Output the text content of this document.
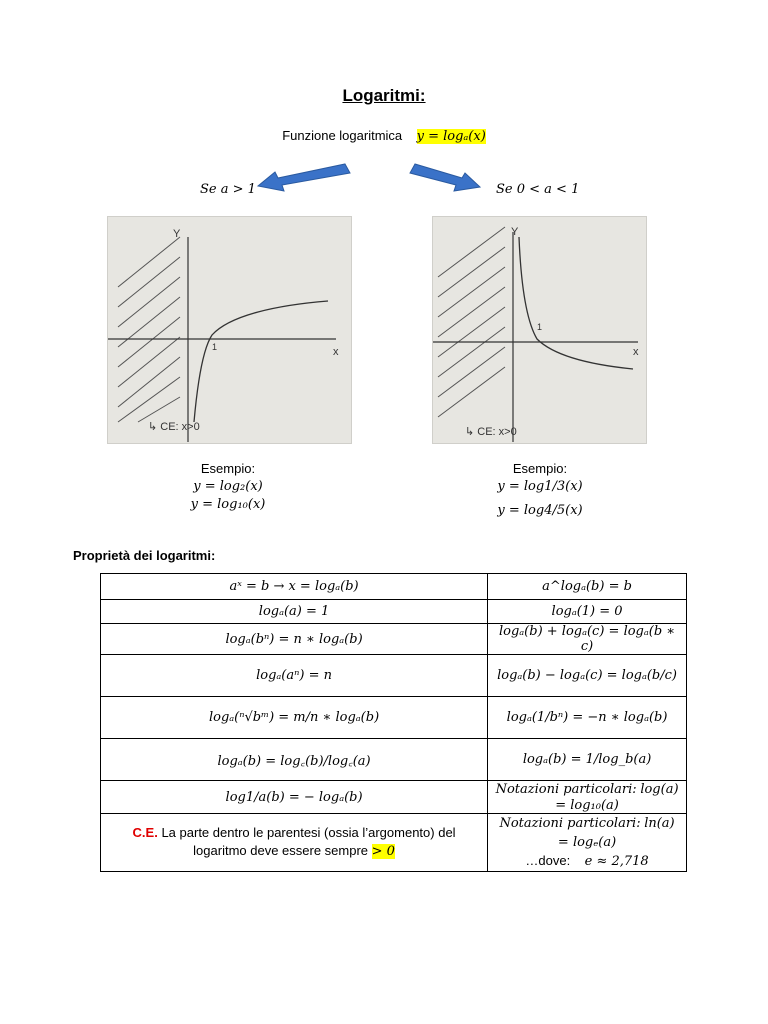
Logaritmi:
Funzione logaritmica y = logₐ(x)
Se a > 1	Se 0 < a < 1
Y
x
1
↳ CE: x>0
Y
x
1
↳ CE: x>0
Esempio:
y = log₂(x)
y = log₁₀(x)
Esempio:
y = log1/3(x)
y = log4/5(x)
Proprietà dei logaritmi:
aˣ = b → x = logₐ(b)	a^logₐ(b) = b
logₐ(a) = 1	logₐ(1) = 0
logₐ(bⁿ) = n ∗ logₐ(b)	logₐ(b) + logₐ(c) = logₐ(b ∗ c)
logₐ(aⁿ) = n	logₐ(b) − logₐ(c) = logₐ(b/c)
logₐ(ⁿ√bᵐ) = m/n ∗ logₐ(b)	logₐ(1/bⁿ) = −n ∗ logₐ(b)
logₐ(b) = log꜀(b)/log꜀(a)	logₐ(b) = 1/log_b(a)
log1/a(b) = − logₐ(b)	Notazioni particolari: log(a) = log₁₀(a)
C.E. La parte dentro le parentesi (ossia l’argomento) del logaritmo deve essere sempre > 0	Notazioni particolari: ln(a) = logₑ(a)
…dove: e ≈ 2,718
